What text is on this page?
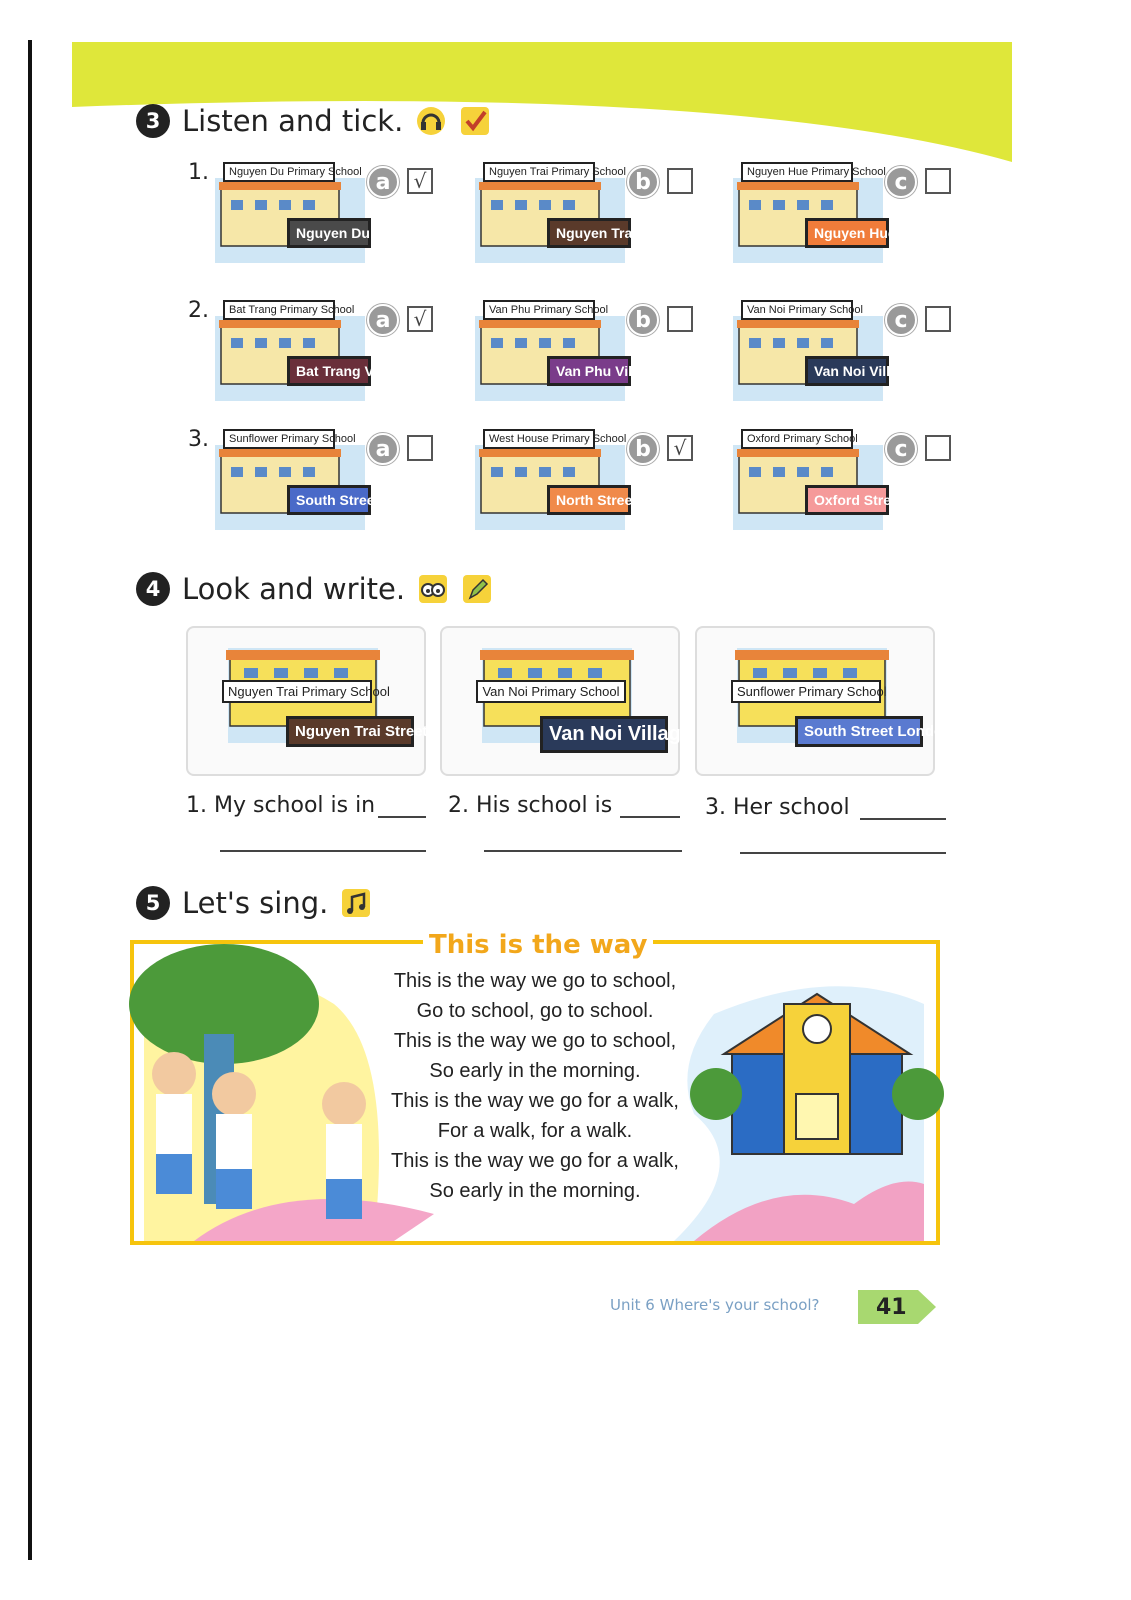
3 Listen and tick.
1.	Nguyen Du Primary School
Nguyen Du Street
a	√	Nguyen Trai Primary School
Nguyen Trai Street
b	Nguyen Hue Primary School
Nguyen Hue Street
c
2.	Bat Trang Primary School
Bat Trang Village
a	√	Van Phu Primary School
Van Phu Village
b	Van Noi Primary School
Van Noi Village
c
3.	Sunflower Primary School
South Street London
a	West House Primary School
North Street London
b	√	Oxford Primary School
Oxford Street London
c
4 Look and write.
Nguyen Trai Primary School
Nguyen Trai Street
Van Noi Primary School
Van Noi Village
Sunflower Primary School
South Street London
1. My school is in	2. His school is	3. Her school
5 Let's sing.
This is the way
This is the way we go to school,
Go to school, go to school.
This is the way we go to school,
So early in the morning.
This is the way we go for a walk,
For a walk, for a walk.
This is the way we go for a walk,
So early in the morning.
Unit 6 Where's your school?	41
